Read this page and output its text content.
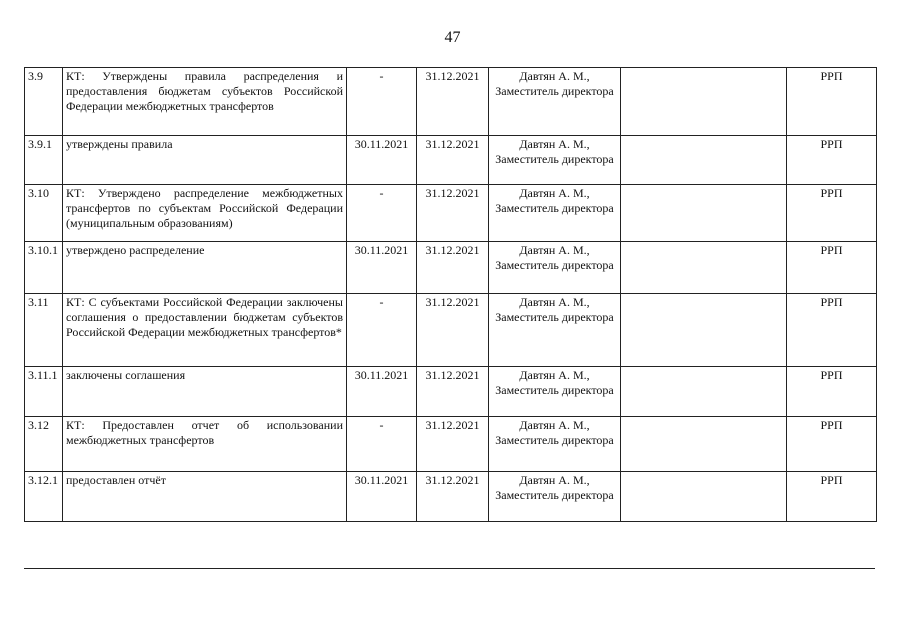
47
3.9	КТ: Утверждены правила распределения и предоставления бюджетам субъектов Российской Федерации межбюджетных трансфертов	-	31.12.2021	Давтян А. М., Заместитель директора		РРП
3.9.1	утверждены правила	30.11.2021	31.12.2021	Давтян А. М., Заместитель директора		РРП
3.10	КТ: Утверждено распределение межбюджетных трансфертов по субъектам Российской Федерации (муниципальным образованиям)	-	31.12.2021	Давтян А. М., Заместитель директора		РРП
3.10.1	утверждено распределение	30.11.2021	31.12.2021	Давтян А. М., Заместитель директора		РРП
3.11	КТ: С субъектами Российской Федерации заключены соглашения о предоставлении бюджетам субъектов Российской Федерации межбюджетных трансфертов*	-	31.12.2021	Давтян А. М., Заместитель директора		РРП
3.11.1	заключены соглашения	30.11.2021	31.12.2021	Давтян А. М., Заместитель директора		РРП
3.12	КТ: Предоставлен отчет об использовании межбюджетных трансфертов	-	31.12.2021	Давтян А. М., Заместитель директора		РРП
3.12.1	предоставлен отчёт	30.11.2021	31.12.2021	Давтян А. М., Заместитель директора		РРП
